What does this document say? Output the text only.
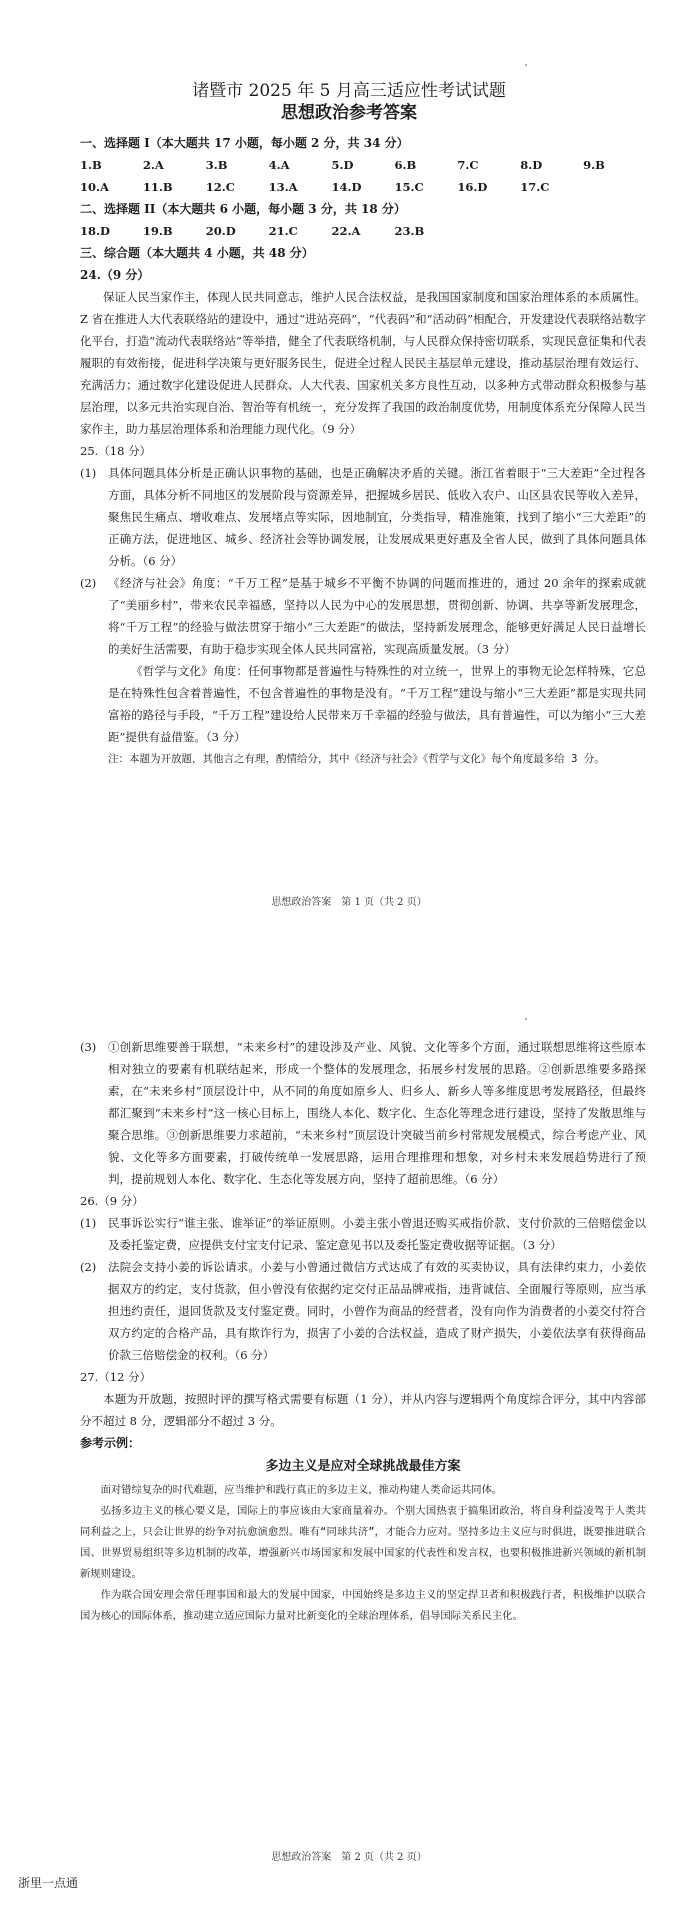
诸暨市 2025 年 5 月高三适应性考试试题
思想政治参考答案
一、选择题 I（本大题共 17 小题，每小题 2 分，共 34 分）
1.B	2.A	3.B	4.A	5.D	6.B	7.C	8.D	9.B
10.A	11.B	12.C	13.A	14.D	15.C	16.D	17.C
二、选择题 II（本大题共 6 小题，每小题 3 分，共 18 分）
18.D	19.B	20.D	21.C	22.A	23.B
三、综合题（本大题共 4 小题，共 48 分）
24.（9 分）

保证人民当家作主，体现人民共同意志，维护人民合法权益，是我国国家制度和国家治理体系的本质属性。Z 省在推进人大代表联络站的建设中，通过“进站亮码”，“代表码”和“活动码”相配合，开发建设代表联络站数字化平台，打造“流动代表联络站”等举措，健全了代表联络机制，与人民群众保持密切联系，实现民意征集和代表履职的有效衔接，促进科学决策与更好服务民生，促进全过程人民民主基层单元建设，推动基层治理有效运行、充满活力；通过数字化建设促进人民群众、人大代表、国家机关多方良性互动，以多种方式带动群众积极参与基层治理，以多元共治实现自治、智治等有机统一，充分发挥了我国的政治制度优势，用制度体系充分保障人民当家作主，助力基层治理体系和治理能力现代化。（9 分）

25.（18 分）
(1) 具体问题具体分析是正确认识事物的基础，也是正确解决矛盾的关键。浙江省着眼于“三大差距”全过程各方面，具体分析不同地区的发展阶段与资源差异，把握城乡居民、低收入农户、山区县农民等收入差异，聚焦民生痛点、增收难点、发展堵点等实际，因地制宜，分类指导，精准施策，找到了缩小“三大差距”的正确方法，促进地区、城乡、经济社会等协调发展，让发展成果更好惠及全省人民，做到了具体问题具体分析。（6 分）
(2) 《经济与社会》角度：“千万工程”是基于城乡不平衡不协调的问题而推进的，通过 20 余年的探索成就了“美丽乡村”，带来农民幸福感，坚持以人民为中心的发展思想，贯彻创新、协调、共享等新发展理念，将“千万工程”的经验与做法贯穿于缩小“三大差距”的做法，坚持新发展理念，能够更好满足人民日益增长的美好生活需要，有助于稳步实现全体人民共同富裕，实现高质量发展。（3 分）
《哲学与文化》角度：任何事物都是普遍性与特殊性的对立统一，世界上的事物无论怎样特殊，它总是在特殊性包含着普遍性，不包含普遍性的事物是没有。“千万工程”建设与缩小“三大差距”都是实现共同富裕的路径与手段，“千万工程”建设给人民带来万千幸福的经验与做法，具有普遍性，可以为缩小“三大差距”提供有益借鉴。（3 分）

注：本题为开放题，其他言之有理，酌情给分，其中《经济与社会》《哲学与文化》每个角度最多给 3 分。

思想政治答案　第 1 页（共 2 页）
(3) ①创新思维要善于联想，“未来乡村”的建设涉及产业、风貌、文化等多个方面，通过联想思维将这些原本相对独立的要素有机联结起来，形成一个整体的发展理念，拓展乡村发展的思路。②创新思维要多路探索，在“未来乡村”顶层设计中，从不同的角度如原乡人、归乡人、新乡人等多维度思考发展路径，但最终都汇聚到“未来乡村”这一核心目标上，围绕人本化、数字化、生态化等理念进行建设，坚持了发散思维与聚合思维。③创新思维要力求超前，“未来乡村”顶层设计突破当前乡村常规发展模式，综合考虑产业、风貌、文化等多方面要素，打破传统单一发展思路，运用合理推理和想象，对乡村未来发展趋势进行了预判，提前规划人本化、数字化、生态化等发展方向，坚持了超前思维。（6 分）
26.（9 分）
(1) 民事诉讼实行“谁主张、谁举证”的举证原则。小姜主张小曾退还购买戒指价款、支付价款的三倍赔偿金以及委托鉴定费，应提供支付宝支付记录、鉴定意见书以及委托鉴定费收据等证据。（3 分）
(2) 法院会支持小姜的诉讼请求。小姜与小曾通过微信方式达成了有效的买卖协议，具有法律约束力，小姜依据双方的约定，支付货款，但小曾没有依据约定交付正品品牌戒指，违背诚信、全面履行等原则，应当承担违约责任，退回货款及支付鉴定费。同时，小曾作为商品的经营者，没有向作为消费者的小姜交付符合双方约定的合格产品，具有欺诈行为，损害了小姜的合法权益，造成了财产损失，小姜依法享有获得商品价款三倍赔偿金的权利。（6 分）
27.（12 分）

本题为开放题，按照时评的撰写格式需要有标题（1 分），并从内容与逻辑两个角度综合评分，其中内容部分不超过 8 分，逻辑部分不超过 3 分。

参考示例：
多边主义是应对全球挑战最佳方案

面对错综复杂的时代难题，应当维护和践行真正的多边主义，推动构建人类命运共同体。

弘扬多边主义的核心要义是，国际上的事应该由大家商量着办。个别大国热衷于搞集团政治，将自身利益凌驾于人类共同利益之上，只会让世界的纷争对抗愈演愈烈。唯有“同球共济”，才能合力应对。坚持多边主义应与时俱进，既要推进联合国、世界贸易组织等多边机制的改革，增强新兴市场国家和发展中国家的代表性和发言权，也要积极推进新兴领域的新机制新规则建设。

作为联合国安理会常任理事国和最大的发展中国家，中国始终是多边主义的坚定捍卫者和积极践行者，积极维护以联合国为核心的国际体系，推动建立适应国际力量对比新变化的全球治理体系，倡导国际关系民主化。

思想政治答案　第 2 页（共 2 页）
浙里一点通
